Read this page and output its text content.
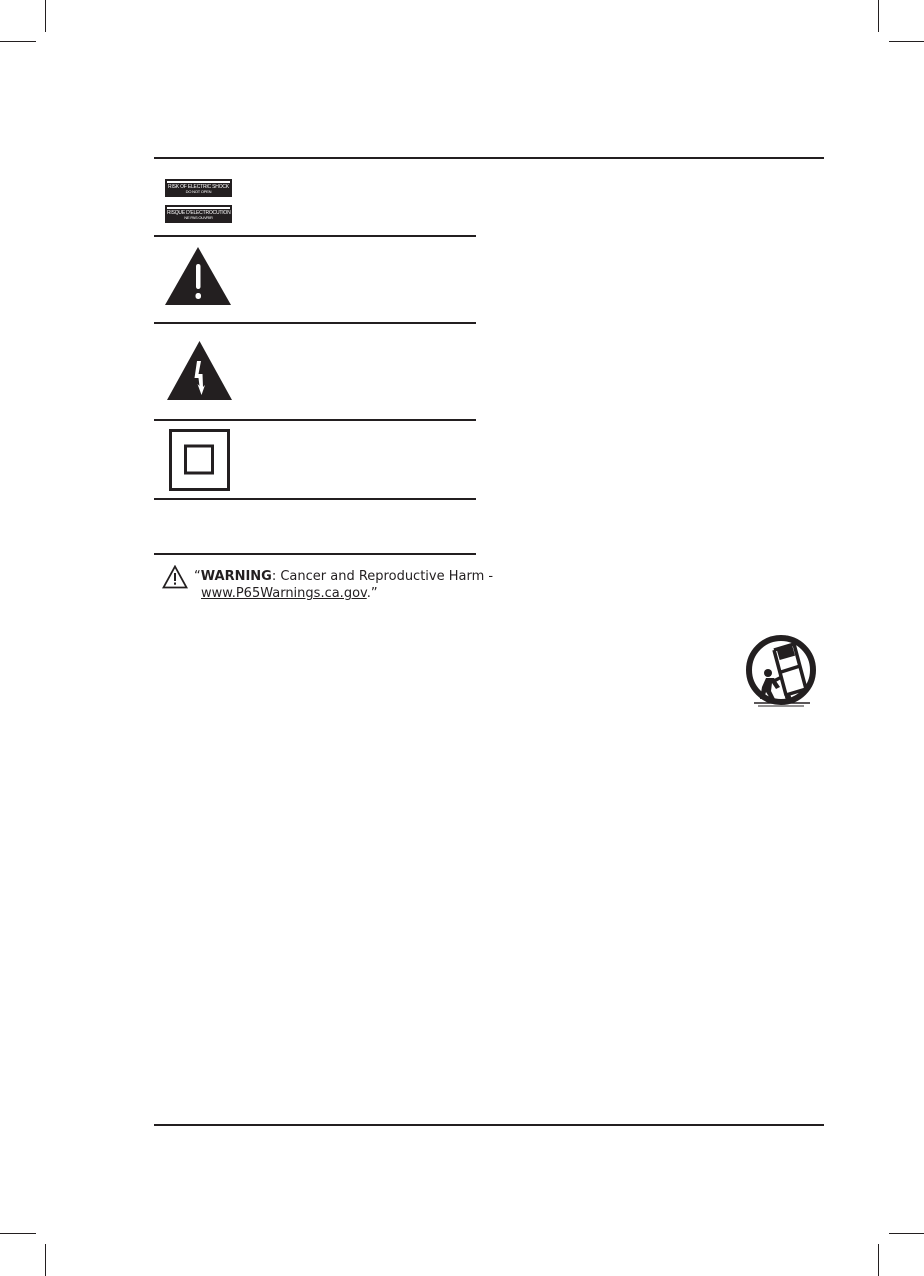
RISK OF ELECTRIC SHOCK
DO NOT OPEN
RISQUE D'ELECTROCUTION
NE PAS OUVRIR
“WARNING: Cancer and Reproductive Harm -
www.P65Warnings.ca.gov.”
